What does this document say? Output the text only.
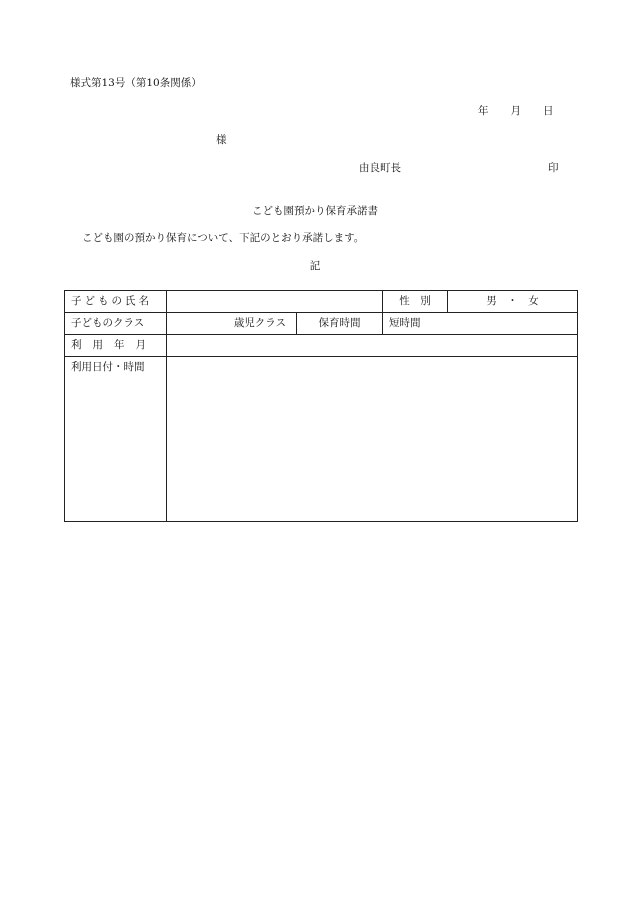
様式第13号（第10条関係）
年 月 日
様
由良町長	印
こども園預かり保育承諾書
こども園の預かり保育について、下記のとおり承諾します。
記
子どもの氏名			性　別	男　・　女
子どものクラス	歳児クラス	保育時間	短時間	
利用年月				
利用日付・時間				
